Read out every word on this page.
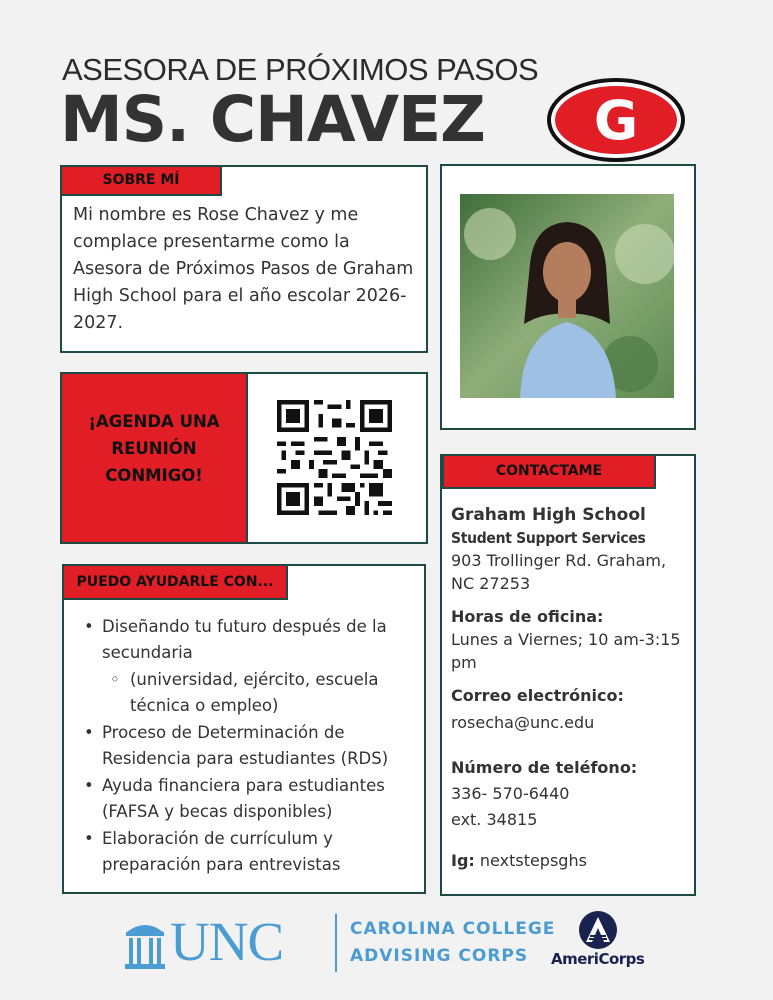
ASESORA DE PRÓXIMOS PASOS
MS. CHAVEZ G
SOBRE MÍ
Mi nombre es Rose Chavez y me complace presentarme como la Asesora de Próximos Pasos de Graham High School para el año escolar 2026-2027.
¡AGENDA UNA
REUNIÓN
CONMIGO!
PUEDO AYUDARLE CON...
• Diseñando tu futuro después de la secundaria
◦ (universidad, ejército, escuela técnica o empleo)
• Proceso de Determinación de Residencia para estudiantes (RDS)
• Ayuda financiera para estudiantes (FAFSA y becas disponibles)
• Elaboración de currículum y preparación para entrevistas
CONTACTAME
Graham High School
Student Support Services
903 Trollinger Rd. Graham, NC 27253
Horas de oficina:
Lunes a Viernes; 10 am-3:15 pm
Correo electrónico:
rosecha@unc.edu
Número de teléfono:
336- 570-6440
ext. 34815
Ig: nextstepsghs
UNC	CAROLINA COLLEGE
ADVISING CORPS	AmeriCorps
